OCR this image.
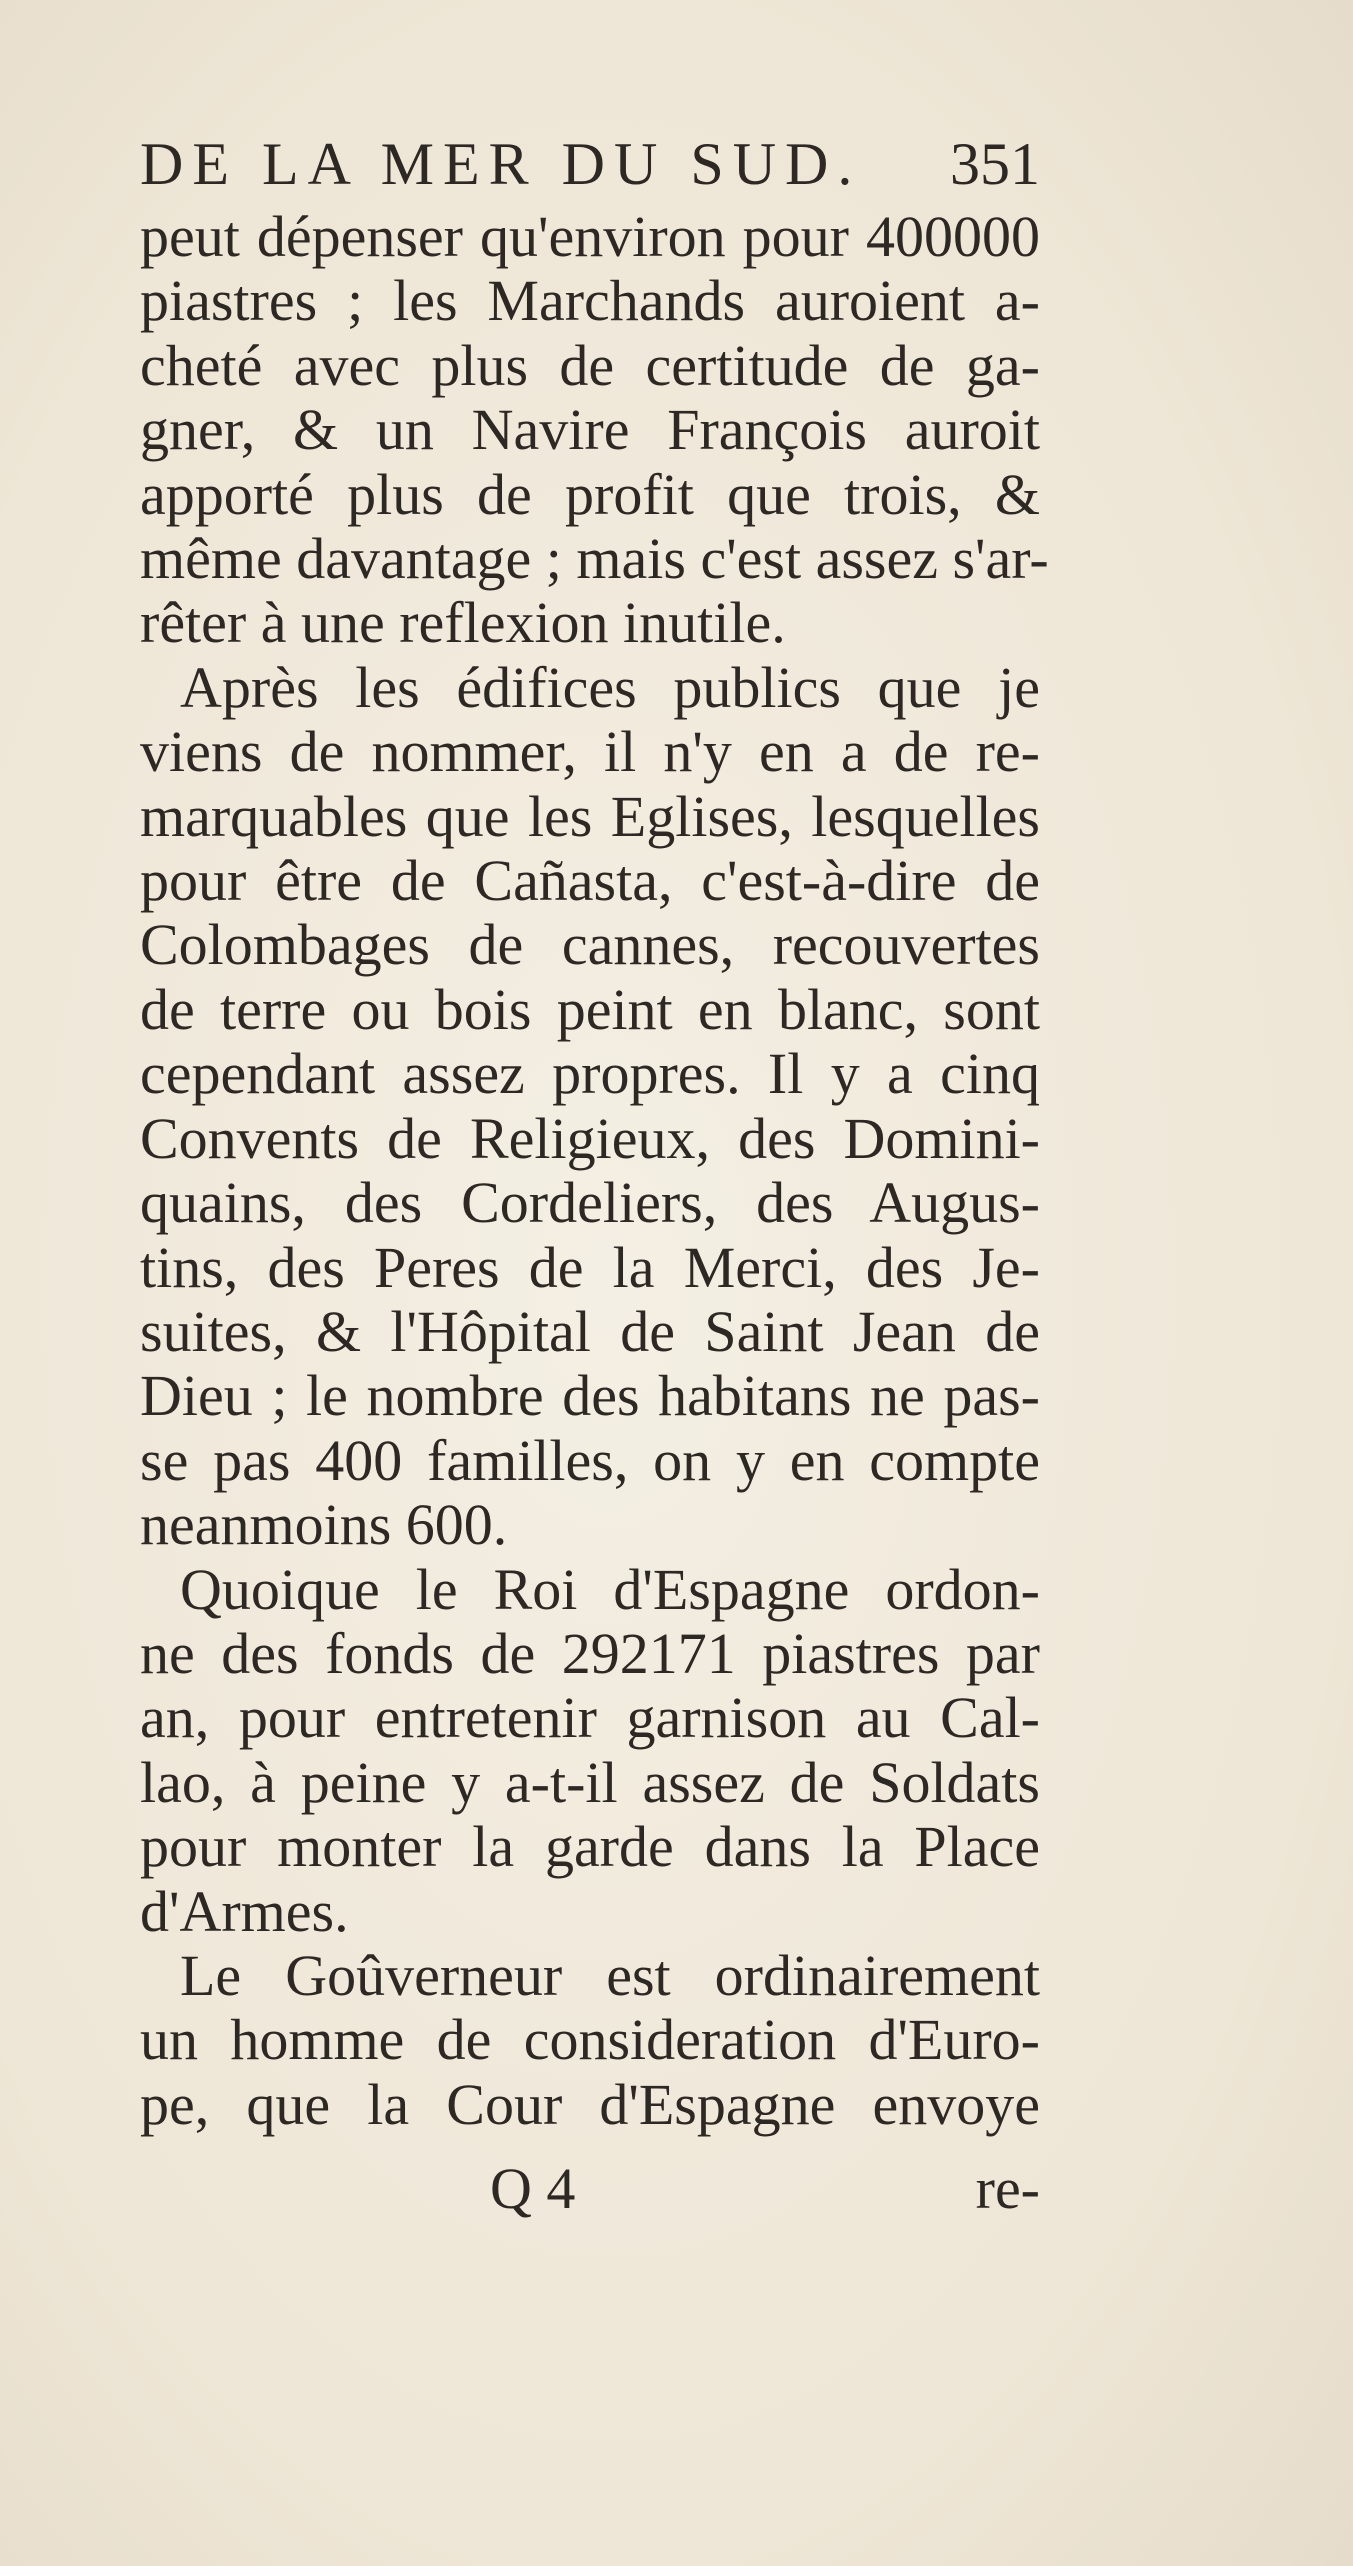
DE LA MER DU SUD. 351
peut dépenser qu'environ pour 400000
piastres ; les Marchands auroient a-
cheté avec plus de certitude de ga-
gner, & un Navire François auroit
apporté plus de profit que trois, &
même davantage ; mais c'est assez s'ar-
rêter à une reflexion inutile.
Après les édifices publics que je
viens de nommer, il n'y en a de re-
marquables que les Eglises, lesquelles
pour être de Cañasta, c'est-à-dire de
Colombages de cannes, recouvertes
de terre ou bois peint en blanc, sont
cependant assez propres. Il y a cinq
Convents de Religieux, des Domini-
quains, des Cordeliers, des Augus-
tins, des Peres de la Merci, des Je-
suites, & l'Hôpital de Saint Jean de
Dieu ; le nombre des habitans ne pas-
se pas 400 familles, on y en compte
neanmoins 600.
Quoique le Roi d'Espagne ordon-
ne des fonds de 292171 piastres par
an, pour entretenir garnison au Cal-
lao, à peine y a-t-il assez de Soldats
pour monter la garde dans la Place
d'Armes.
Le Goûverneur est ordinairement
un homme de consideration d'Euro-
pe, que la Cour d'Espagne envoye
Q 4	re-
